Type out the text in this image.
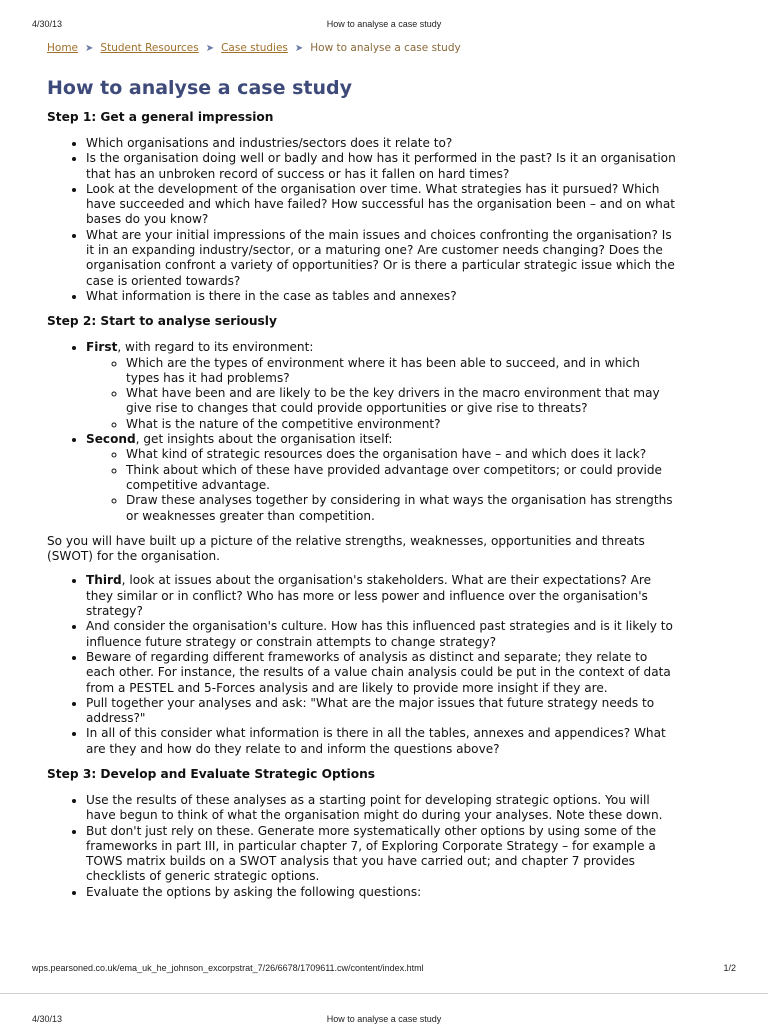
4/30/13	How to analyse a case study
Home ➤ Student Resources ➤ Case studies ➤ How to analyse a case study
How to analyse a case study
Step 1: Get a general impression
• Which organisations and industries/sectors does it relate to?
• Is the organisation doing well or badly and how has it performed in the past? Is it an organisation that has an unbroken record of success or has it fallen on hard times?
• Look at the development of the organisation over time. What strategies has it pursued? Which have succeeded and which have failed? How successful has the organisation been – and on what bases do you know?
• What are your initial impressions of the main issues and choices confronting the organisation? Is it in an expanding industry/sector, or a maturing one? Are customer needs changing? Does the organisation confront a variety of opportunities? Or is there a particular strategic issue which the case is oriented towards?
• What information is there in the case as tables and annexes?
Step 2: Start to analyse seriously
• First, with regard to its environment:
◦ Which are the types of environment where it has been able to succeed, and in which types has it had problems?
◦ What have been and are likely to be the key drivers in the macro environment that may give rise to changes that could provide opportunities or give rise to threats?
◦ What is the nature of the competitive environment?
• Second, get insights about the organisation itself:
◦ What kind of strategic resources does the organisation have – and which does it lack?
◦ Think about which of these have provided advantage over competitors; or could provide competitive advantage.
◦ Draw these analyses together by considering in what ways the organisation has strengths or weaknesses greater than competition.

So you will have built up a picture of the relative strengths, weaknesses, opportunities and threats (SWOT) for the organisation.

• Third, look at issues about the organisation's stakeholders. What are their expectations? Are they similar or in conflict? Who has more or less power and influence over the organisation's strategy?
• And consider the organisation's culture. How has this influenced past strategies and is it likely to influence future strategy or constrain attempts to change strategy?
• Beware of regarding different frameworks of analysis as distinct and separate; they relate to each other. For instance, the results of a value chain analysis could be put in the context of data from a PESTEL and 5-Forces analysis and are likely to provide more insight if they are.
• Pull together your analyses and ask: "What are the major issues that future strategy needs to address?"
• In all of this consider what information is there in all the tables, annexes and appendices? What are they and how do they relate to and inform the questions above?
Step 3: Develop and Evaluate Strategic Options
• Use the results of these analyses as a starting point for developing strategic options. You will have begun to think of what the organisation might do during your analyses. Note these down.
• But don't just rely on these. Generate more systematically other options by using some of the frameworks in part III, in particular chapter 7, of Exploring Corporate Strategy – for example a TOWS matrix builds on a SWOT analysis that you have carried out; and chapter 7 provides checklists of generic strategic options.
• Evaluate the options by asking the following questions:
wps.pearsoned.co.uk/ema_uk_he_johnson_excorpstrat_7/26/6678/1709611.cw/content/index.html	1/2
4/30/13	How to analyse a case study
